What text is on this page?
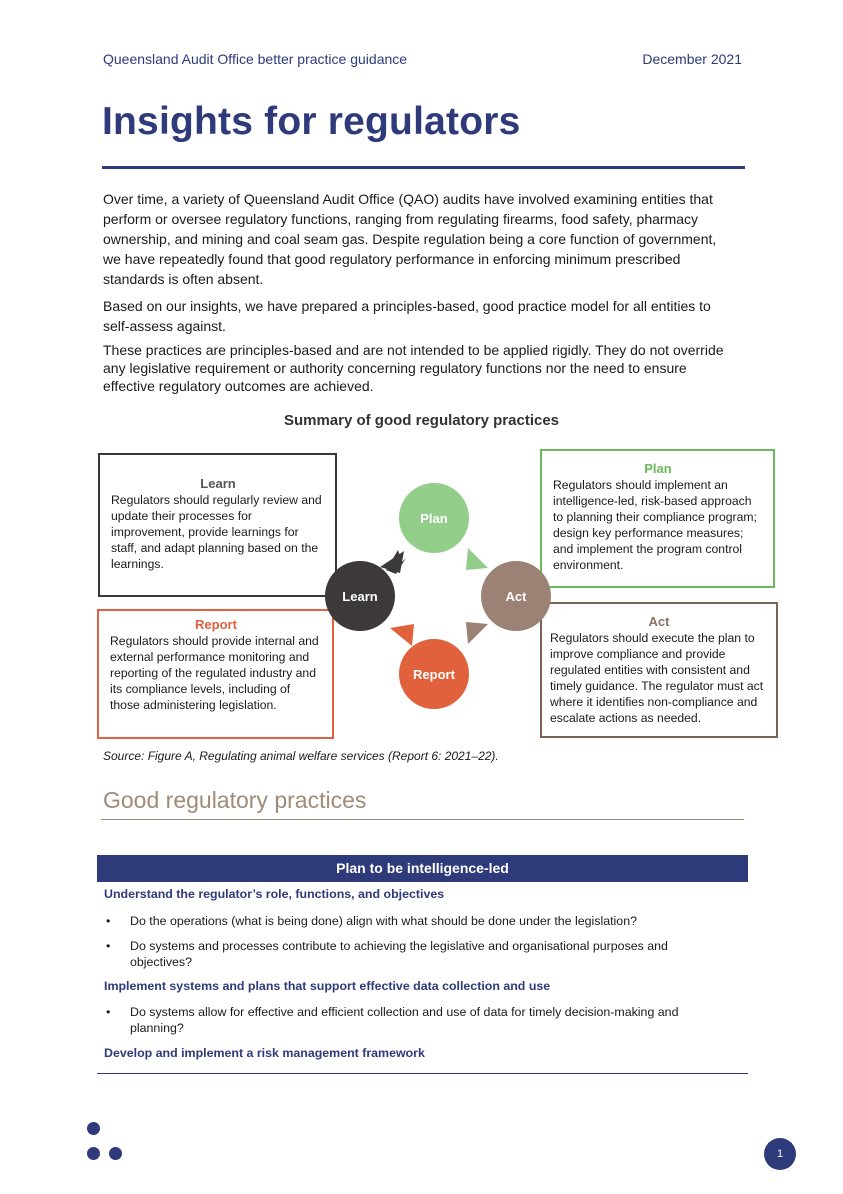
Queensland Audit Office better practice guidance	December 2021
Insights for regulators

Over time, a variety of Queensland Audit Office (QAO) audits have involved examining entities that perform or oversee regulatory functions, ranging from regulating firearms, food safety, pharmacy ownership, and mining and coal seam gas. Despite regulation being a core function of government, we have repeatedly found that good regulatory performance in enforcing minimum prescribed standards is often absent.

Based on our insights, we have prepared a principles-based, good practice model for all entities to self-assess against.

These practices are principles-based and are not intended to be applied rigidly. They do not override any legislative requirement or authority concerning regulatory functions nor the need to ensure effective regulatory outcomes are achieved.

Summary of good regulatory practices
Learn
Regulators should regularly review and update their processes for improvement, provide learnings for staff, and adapt planning based on the learnings.
Plan
Regulators should implement an intelligence-led, risk-based approach to planning their compliance program; design key performance measures; and implement the program control environment.
Report
Regulators should provide internal and external performance monitoring and reporting of the regulated industry and its compliance levels, including of those administering legislation.
Act
Regulators should execute the plan to improve compliance and provide regulated entities with consistent and timely guidance. The regulator must act where it identifies non-compliance and escalate actions as needed.
Plan
Act
Report
Learn
Source: Figure A, Regulating animal welfare services (Report 6: 2021–22).
Good regulatory practices
Plan to be intelligence-led
Understand the regulator’s role, functions, and objectives
• Do the operations (what is being done) align with what should be done under the legislation?
• Do systems and processes contribute to achieving the legislative and organisational purposes and objectives?
Implement systems and plans that support effective data collection and use
• Do systems allow for effective and efficient collection and use of data for timely decision-making and planning?
Develop and implement a risk management framework
1
